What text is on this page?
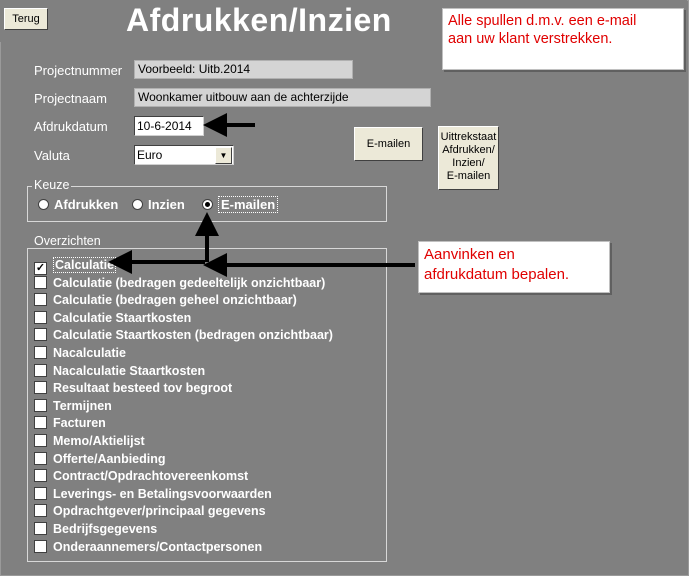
Terug	Afdrukken/Inzien	Alle spullen d.m.v. een e-mail
aan uw klant verstrekken.
Projectnummer	Voorbeeld: Uitb.2014
Projectnaam	Woonkamer uitbouw aan de achterzijde
Afdrukdatum 10-6-2014
Valuta	Euro	▼
E-mailen
Uittrekstaat
Afdrukken/
Inzien/
E-mailen
Keuze
Afdrukken	Inzien	E-mailen
Overzichten
✓ Calculatie
Calculatie (bedragen gedeeltelijk onzichtbaar)
Calculatie (bedragen geheel onzichtbaar)
Calculatie Staartkosten
Calculatie Staartkosten (bedragen onzichtbaar)
Nacalculatie
Nacalculatie Staartkosten
Resultaat besteed tov begroot
Termijnen
Facturen
Memo/Aktielijst
Offerte/Aanbieding
Contract/Opdrachtovereenkomst
Leverings- en Betalingsvoorwaarden
Opdrachtgever/principaal gegevens
Bedrijfsgegevens
Onderaannemers/Contactpersonen
Aanvinken en
afdrukdatum bepalen.
